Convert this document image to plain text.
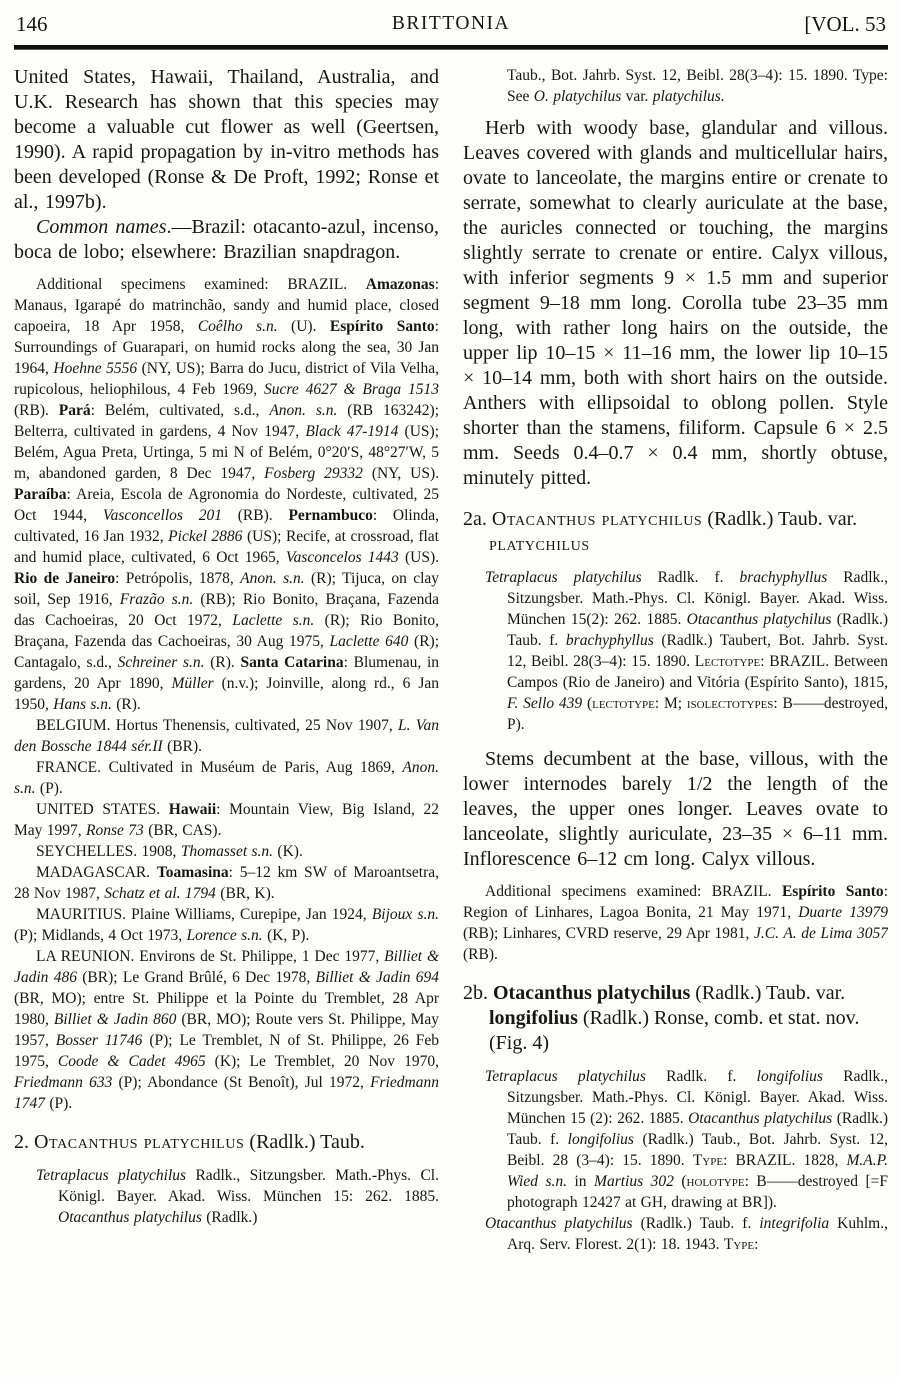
146	BRITTONIA	[VOL. 53

United States, Hawaii, Thailand, Australia, and U.K. Research has shown that this species may become a valuable cut flower as well (Geertsen, 1990). A rapid propagation by in-vitro methods has been developed (Ronse & De Proft, 1992; Ronse et al., 1997b).

Common names.—Brazil: otacanto-azul, incenso, boca de lobo; elsewhere: Brazilian snapdragon.

Additional specimens examined: BRAZIL. Amazonas: Manaus, Igarapé do matrinchão, sandy and humid place, closed capoeira, 18 Apr 1958, Coêlho s.n. (U). Espírito Santo: Surroundings of Guarapari, on humid rocks along the sea, 30 Jan 1964, Hoehne 5556 (NY, US); Barra do Jucu, district of Vila Velha, rupicolous, heliophilous, 4 Feb 1969, Sucre 4627 & Braga 1513 (RB). Pará: Belém, cultivated, s.d., Anon. s.n. (RB 163242); Belterra, cultivated in gardens, 4 Nov 1947, Black 47-1914 (US); Belém, Agua Preta, Urtinga, 5 mi N of Belém, 0°20′S, 48°27′W, 5 m, abandoned garden, 8 Dec 1947, Fosberg 29332 (NY, US). Paraíba: Areia, Escola de Agronomia do Nordeste, cultivated, 25 Oct 1944, Vasconcellos 201 (RB). Pernambuco: Olinda, cultivated, 16 Jan 1932, Pickel 2886 (US); Recife, at crossroad, flat and humid place, cultivated, 6 Oct 1965, Vasconcelos 1443 (US). Rio de Janeiro: Petrópolis, 1878, Anon. s.n. (R); Tijuca, on clay soil, Sep 1916, Frazão s.n. (RB); Rio Bonito, Braçana, Fazenda das Cachoeiras, 20 Oct 1972, Laclette s.n. (R); Rio Bonito, Braçana, Fazenda das Cachoeiras, 30 Aug 1975, Laclette 640 (R); Cantagalo, s.d., Schreiner s.n. (R). Santa Catarina: Blumenau, in gardens, 20 Apr 1890, Müller (n.v.); Joinville, along rd., 6 Jan 1950, Hans s.n. (R).

BELGIUM. Hortus Thenensis, cultivated, 25 Nov 1907, L. Van den Bossche 1844 sér.II (BR).

FRANCE. Cultivated in Muséum de Paris, Aug 1869, Anon. s.n. (P).

UNITED STATES. Hawaii: Mountain View, Big Island, 22 May 1997, Ronse 73 (BR, CAS).

SEYCHELLES. 1908, Thomasset s.n. (K).

MADAGASCAR. Toamasina: 5–12 km SW of Maroantsetra, 28 Nov 1987, Schatz et al. 1794 (BR, K).

MAURITIUS. Plaine Williams, Curepipe, Jan 1924, Bijoux s.n. (P); Midlands, 4 Oct 1973, Lorence s.n. (K, P).

LA REUNION. Environs de St. Philippe, 1 Dec 1977, Billiet & Jadin 486 (BR); Le Grand Brûlé, 6 Dec 1978, Billiet & Jadin 694 (BR, MO); entre St. Philippe et la Pointe du Tremblet, 28 Apr 1980, Billiet & Jadin 860 (BR, MO); Route vers St. Philippe, May 1957, Bosser 11746 (P); Le Tremblet, N of St. Philippe, 26 Feb 1975, Coode & Cadet 4965 (K); Le Tremblet, 20 Nov 1970, Friedmann 633 (P); Abondance (St Benoît), Jul 1972, Friedmann 1747 (P).

2. Otacanthus platychilus (Radlk.) Taub.

Tetraplacus platychilus Radlk., Sitzungsber. Math.-Phys. Cl. Königl. Bayer. Akad. Wiss. München 15: 262. 1885. Otacanthus platychilus (Radlk.)

Taub., Bot. Jahrb. Syst. 12, Beibl. 28(3–4): 15. 1890. Type: See O. platychilus var. platychilus.

Herb with woody base, glandular and villous. Leaves covered with glands and multicellular hairs, ovate to lanceolate, the margins entire or crenate to serrate, somewhat to clearly auriculate at the base, the auricles connected or touching, the margins slightly serrate to crenate or entire. Calyx villous, with inferior segments 9 × 1.5 mm and superior segment 9–18 mm long. Corolla tube 23–35 mm long, with rather long hairs on the outside, the upper lip 10–15 × 11–16 mm, the lower lip 10–15 × 10–14 mm, both with short hairs on the outside. Anthers with ellipsoidal to oblong pollen. Style shorter than the stamens, filiform. Capsule 6 × 2.5 mm. Seeds 0.4–0.7 × 0.4 mm, shortly obtuse, minutely pitted.

2a. Otacanthus platychilus (Radlk.) Taub. var. platychilus

Tetraplacus platychilus Radlk. f. brachyphyllus Radlk., Sitzungsber. Math.-Phys. Cl. Königl. Bayer. Akad. Wiss. München 15(2): 262. 1885. Otacanthus platychilus (Radlk.) Taub. f. brachyphyllus (Radlk.) Taubert, Bot. Jahrb. Syst. 12, Beibl. 28(3–4): 15. 1890. Lectotype: BRAZIL. Between Campos (Rio de Janeiro) and Vitória (Espírito Santo), 1815, F. Sello 439 (lectotype: M; isolectotypes: B——destroyed, P).

Stems decumbent at the base, villous, with the lower internodes barely 1/2 the length of the leaves, the upper ones longer. Leaves ovate to lanceolate, slightly auriculate, 23–35 × 6–11 mm. Inflorescence 6–12 cm long. Calyx villous.

Additional specimens examined: BRAZIL. Espírito Santo: Region of Linhares, Lagoa Bonita, 21 May 1971, Duarte 13979 (RB); Linhares, CVRD reserve, 29 Apr 1981, J.C. A. de Lima 3057 (RB).

2b. Otacanthus platychilus (Radlk.) Taub. var. longifolius (Radlk.) Ronse, comb. et stat. nov. (Fig. 4)

Tetraplacus platychilus Radlk. f. longifolius Radlk., Sitzungsber. Math.-Phys. Cl. Königl. Bayer. Akad. Wiss. München 15 (2): 262. 1885. Otacanthus platychilus (Radlk.) Taub. f. longifolius (Radlk.) Taub., Bot. Jahrb. Syst. 12, Beibl. 28 (3–4): 15. 1890. Type: BRAZIL. 1828, M.A.P. Wied s.n. in Martius 302 (holotype: B——destroyed [=F photograph 12427 at GH, drawing at BR]).

Otacanthus platychilus (Radlk.) Taub. f. integrifolia Kuhlm., Arq. Serv. Florest. 2(1): 18. 1943. Type:
